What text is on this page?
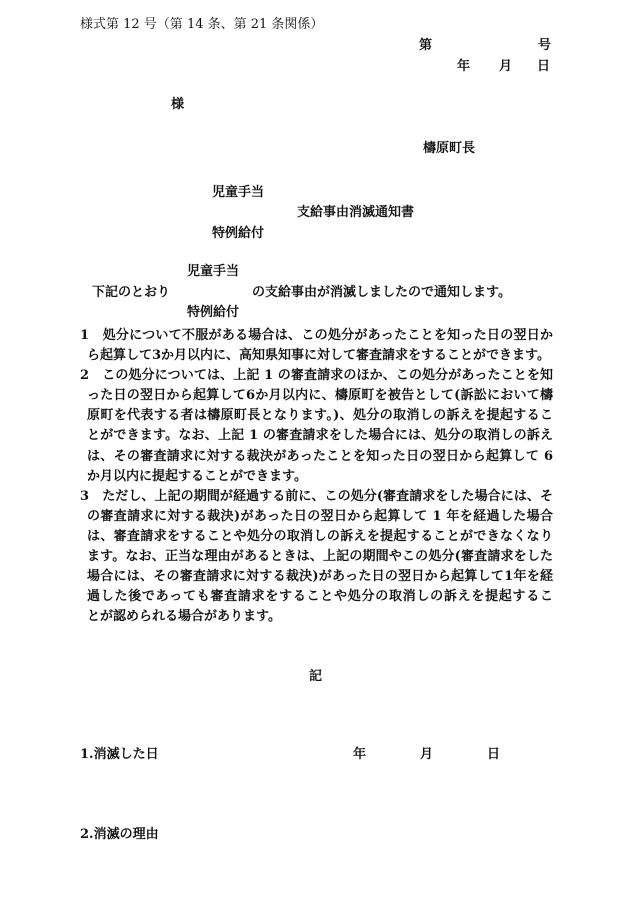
様式第 12 号（第 14 条、第 21 条関係）
第	号
年 月 日
様
檮原町長
児童手当
支給事由消滅通知書
特例給付
児童手当
下記のとおり	の支給事由が消滅しましたので通知します。
特例給付
1　処分について不服がある場合は、この処分があったことを知った日の翌日か
ら起算して3か月以内に、高知県知事に対して審査請求をすることができます。
2　この処分については、上記 1 の審査請求のほか、この処分があったことを知
った日の翌日から起算して6か月以内に、檮原町を被告として(訴訟において檮
原町を代表する者は檮原町長となります。)、処分の取消しの訴えを提起するこ
とができます。なお、上記 1 の審査請求をした場合には、処分の取消しの訴え
は、その審査請求に対する裁決があったことを知った日の翌日から起算して 6
か月以内に提起することができます。
3　ただし、上記の期間が経過する前に、この処分(審査請求をした場合には、そ
の審査請求に対する裁決)があった日の翌日から起算して 1 年を経過した場合
は、審査請求をすることや処分の取消しの訴えを提起することができなくなり
ます。なお、正当な理由があるときは、上記の期間やこの処分(審査請求をした
場合には、その審査請求に対する裁決)があった日の翌日から起算して1年を経
過した後であっても審査請求をすることや処分の取消しの訴えを提起するこ
とが認められる場合があります。
記
1.消滅した日	年	月	日
2.消滅の理由
